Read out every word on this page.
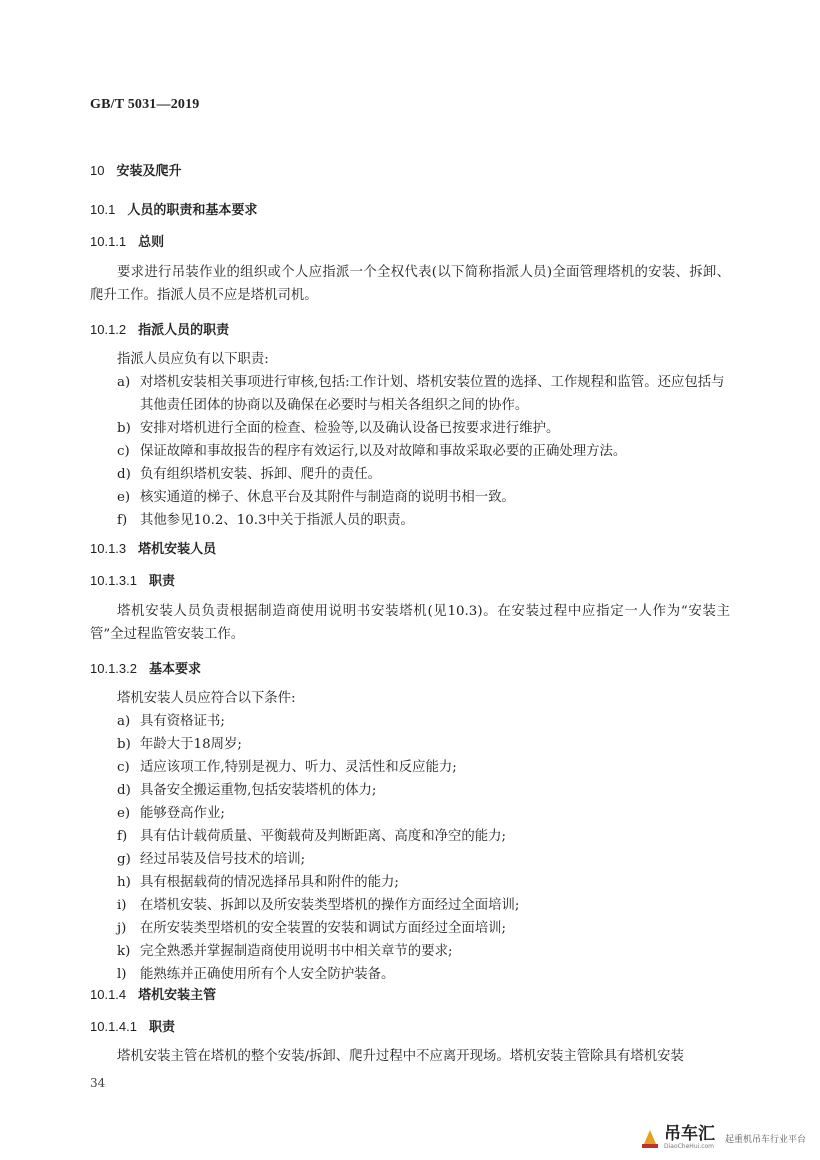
GB/T 5031—2019
10 安装及爬升
10.1 人员的职责和基本要求
10.1.1 总则
要求进行吊装作业的组织或个人应指派一个全权代表(以下简称指派人员)全面管理塔机的安装、拆卸、爬升工作。指派人员不应是塔机司机。
10.1.2 指派人员的职责
指派人员应负有以下职责:
a) 对塔机安装相关事项进行审核,包括:工作计划、塔机安装位置的选择、工作规程和监管。还应包括与其他责任团体的协商以及确保在必要时与相关各组织之间的协作。
b) 安排对塔机进行全面的检查、检验等,以及确认设备已按要求进行维护。
c) 保证故障和事故报告的程序有效运行,以及对故障和事故采取必要的正确处理方法。
d) 负有组织塔机安装、拆卸、爬升的责任。
e) 核实通道的梯子、休息平台及其附件与制造商的说明书相一致。
f) 其他参见10.2、10.3中关于指派人员的职责。
10.1.3 塔机安装人员
10.1.3.1 职责
塔机安装人员负责根据制造商使用说明书安装塔机(见10.3)。在安装过程中应指定一人作为“安装主管”全过程监管安装工作。
10.1.3.2 基本要求
塔机安装人员应符合以下条件:
a) 具有资格证书;
b) 年龄大于18周岁;
c) 适应该项工作,特别是视力、听力、灵活性和反应能力;
d) 具备安全搬运重物,包括安装塔机的体力;
e) 能够登高作业;
f) 具有估计载荷质量、平衡载荷及判断距离、高度和净空的能力;
g) 经过吊装及信号技术的培训;
h) 具有根据载荷的情况选择吊具和附件的能力;
i)	在塔机安装、拆卸以及所安装类型塔机的操作方面经过全面培训;
j)	在所安装类型塔机的安全装置的安装和调试方面经过全面培训;
k) 完全熟悉并掌握制造商使用说明书中相关章节的要求;
l)	能熟练并正确使用所有个人安全防护装备。
10.1.4 塔机安装主管
10.1.4.1 职责
塔机安装主管在塔机的整个安装/拆卸、爬升过程中不应离开现场。塔机安装主管除具有塔机安装
34
吊车汇
DiaoCheHui.com
起重机吊车行业平台
